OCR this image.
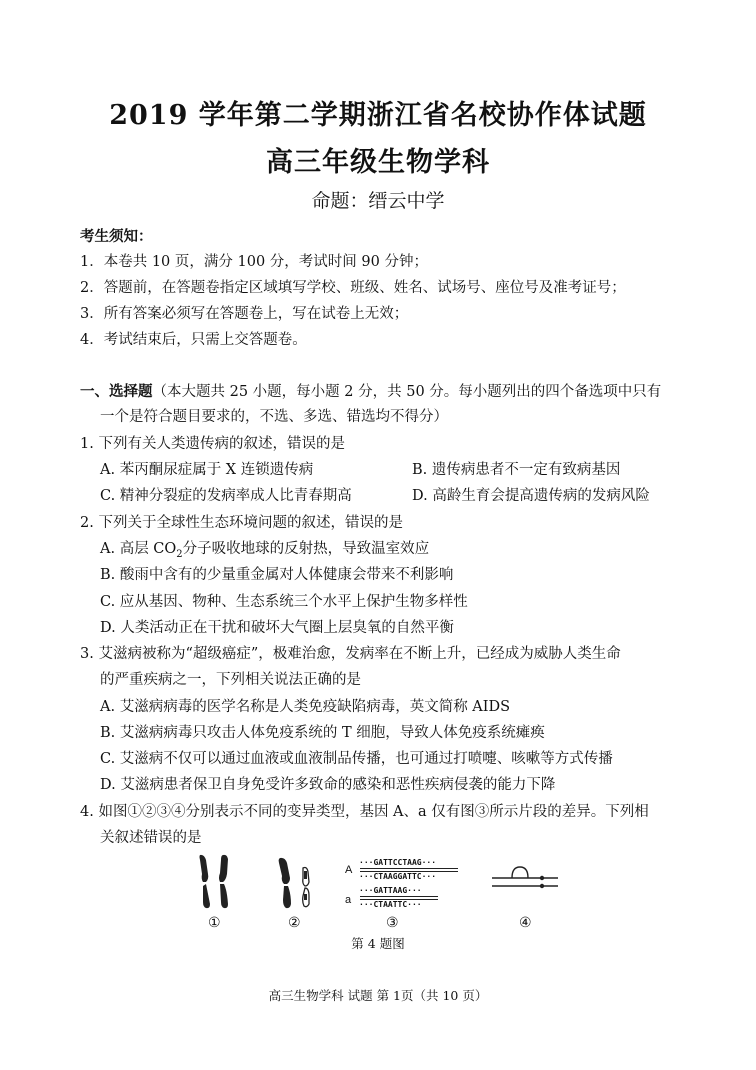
2019 学年第二学期浙江省名校协作体试题
高三年级生物学科
命题：缙云中学
考生须知：
1．本卷共 10 页，满分 100 分，考试时间 90 分钟；
2．答题前，在答题卷指定区域填写学校、班级、姓名、试场号、座位号及准考证号；
3．所有答案必须写在答题卷上，写在试卷上无效；
4．考试结束后，只需上交答题卷。
一、选择题（本大题共 25 小题，每小题 2 分，共 50 分。每小题列出的四个备选项中只有
一个是符合题目要求的，不选、多选、错选均不得分）
1. 下列有关人类遗传病的叙述，错误的是
A. 苯丙酮尿症属于 X 连锁遗传病	B. 遗传病患者不一定有致病基因
C. 精神分裂症的发病率成人比青春期高	D. 高龄生育会提高遗传病的发病风险
2. 下列关于全球性生态环境问题的叙述，错误的是
A. 高层 $CO_2$分子吸收地球的反射热，导致温室效应
B. 酸雨中含有的少量重金属对人体健康会带来不利影响
C. 应从基因、物种、生态系统三个水平上保护生物多样性
D. 人类活动正在干扰和破坏大气圈上层臭氧的自然平衡
3. 艾滋病被称为“超级癌症”，极难治愈，发病率在不断上升，已经成为威胁人类生命
的严重疾病之一，下列相关说法正确的是
A. 艾滋病病毒的医学名称是人类免疫缺陷病毒，英文简称 AIDS
B. 艾滋病病毒只攻击人体免疫系统的 T 细胞，导致人体免疫系统瘫痪
C. 艾滋病不仅可以通过血液或血液制品传播，也可通过打喷嚏、咳嗽等方式传播
D. 艾滋病患者保卫自身免受许多致命的感染和恶性疾病侵袭的能力下降
4. 如图①②③④分别表示不同的变异类型，基因 A、a 仅有图③所示片段的差异。下列相
关叙述错误的是
①	②
A
···GATTCCTAAG···
···CTAAGGATTC···
a
···GATTAAG···
···CTAATTC···
③	④
第 4 题图
高三生物学科 试题 第 1页（共 10 页）
